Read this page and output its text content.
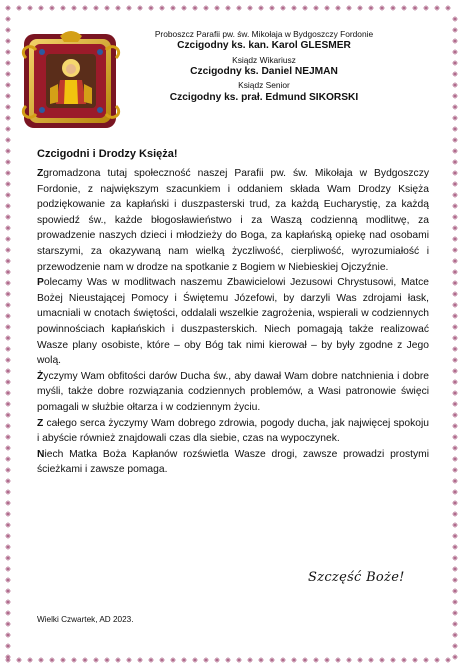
Proboszcz Parafii pw. św. Mikołaja w Bydgoszczy Fordonie
Czcigodny ks. kan. Karol GLESMER
Ksiądz Wikariusz
Czcigodny ks. Daniel NEJMAN
Ksiądz Senior
Czcigodny ks. prał. Edmund SIKORSKI
Czcigodni i Drodzy Księża!

Zgromadzona tutaj społeczność naszej Parafii pw. św. Mikołaja w Bydgoszczy Fordonie, z największym szacunkiem i oddaniem składa Wam Drodzy Księża podziękowanie za kapłański i duszpasterski trud, za każdą Eucharystię, za każdą spowiedź św., każde błogosławieństwo i za Waszą codzienną modlitwę, za prowadzenie naszych dzieci i młodzieży do Boga, za kapłańską opiekę nad osobami starszymi, za okazywaną nam wielką życzliwość, cierpliwość, wyrozumiałość i przewodzenie nam w drodze na spotkanie z Bogiem w Niebieskiej Ojczyźnie.

Polecamy Was w modlitwach naszemu Zbawicielowi Jezusowi Chrystusowi, Matce Bożej Nieustającej Pomocy i Świętemu Józefowi, by darzyli Was zdrojami łask, umacniali w cnotach świętości, oddalali wszelkie zagrożenia, wspierali w codziennych powinnościach kapłańskich i duszpasterskich. Niech pomagają także realizować Wasze plany osobiste, które – oby Bóg tak nimi kierował – by były zgodne z Jego wolą.

Życzymy Wam obfitości darów Ducha św., aby dawał Wam dobre natchnienia i dobre myśli, także dobre rozwiązania codziennych problemów, a Wasi patronowie święci pomagali w służbie ołtarza i w codziennym życiu.

Z całego serca życzymy Wam dobrego zdrowia, pogody ducha, jak najwięcej spokoju i abyście również znajdowali czas dla siebie, czas na wypoczynek.

Niech Matka Boża Kapłanów rozświetla Wasze drogi, zawsze prowadzi prostymi ścieżkami i zawsze pomaga.

Szczęść Boże!
Wielki Czwartek, AD 2023.
